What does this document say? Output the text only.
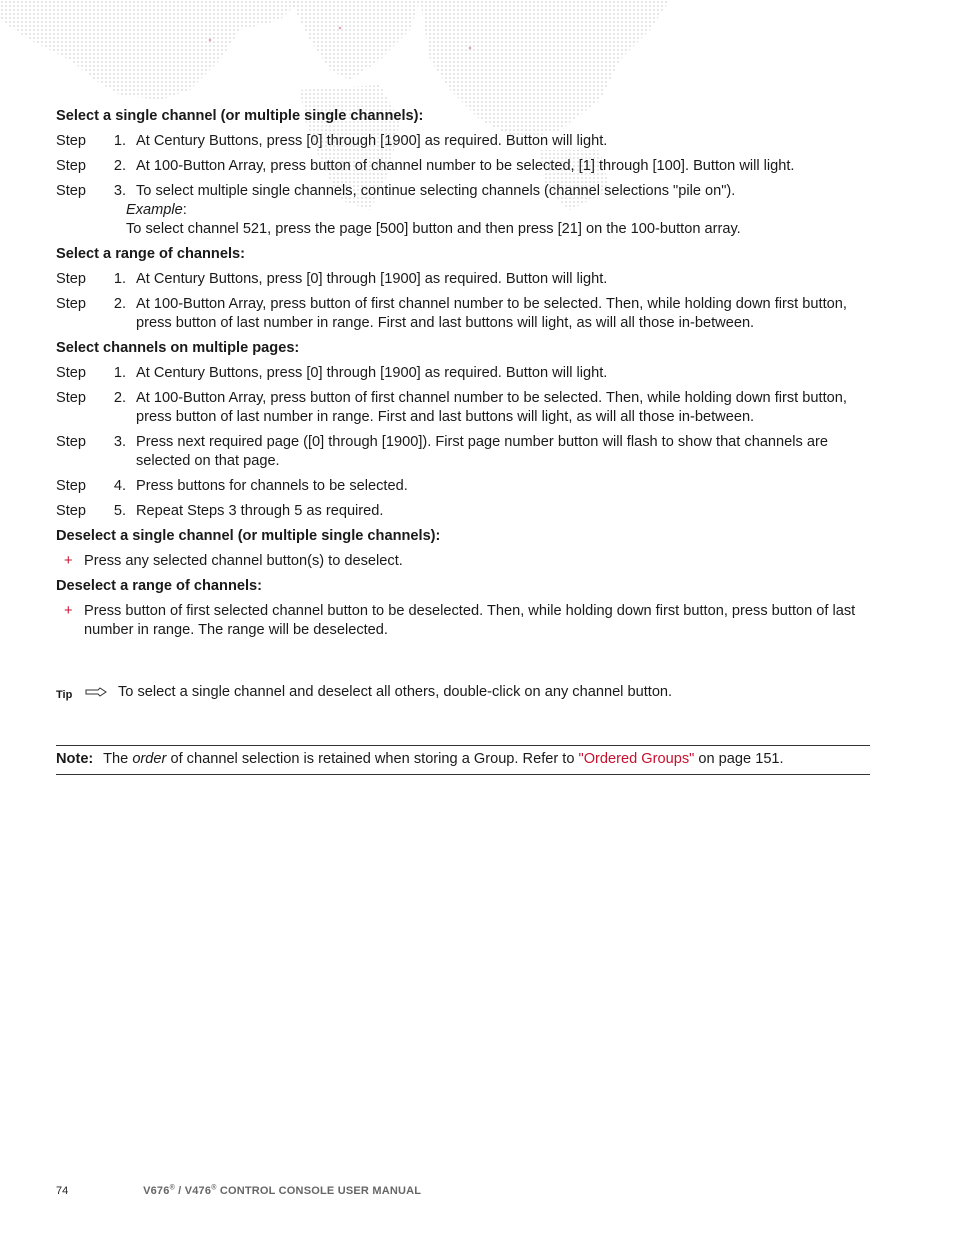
Select a single channel (or multiple single channels):
Step	1. At Century Buttons, press [0] through [1900] as required. Button will light.
Step	2. At 100-Button Array, press button of channel number to be selected, [1] through [100]. Button will light.
Step	3. To select multiple single channels, continue selecting channels (channel selections "pile on").
Example:
To select channel 521, press the page [500] button and then press [21] on the 100-button array.
Select a range of channels:
Step	1. At Century Buttons, press [0] through [1900] as required. Button will light.
Step	2. At 100-Button Array, press button of first channel number to be selected. Then, while holding down first button, press button of last number in range. First and last buttons will light, as will all those in-between.
Select channels on multiple pages:
Step	1. At Century Buttons, press [0] through [1900] as required. Button will light.
Step	2. At 100-Button Array, press button of first channel number to be selected. Then, while holding down first button, press button of last number in range. First and last buttons will light, as will all those in-between.
Step	3. Press next required page ([0] through [1900]). First page number button will flash to show that channels are selected on that page.
Step	4. Press buttons for channels to be selected.
Step	5. Repeat Steps 3 through 5 as required.
Deselect a single channel (or multiple single channels):
+ Press any selected channel button(s) to deselect.
Deselect a range of channels:
+ Press button of first selected channel button to be deselected. Then, while holding down first button, press button of last number in range. The range will be deselected.
Tip	To select a single channel and deselect all others, double-click on any channel button.
Note: The order of channel selection is retained when storing a Group. Refer to "Ordered Groups" on page 151.
74	V676® / V476® CONTROL CONSOLE USER MANUAL
